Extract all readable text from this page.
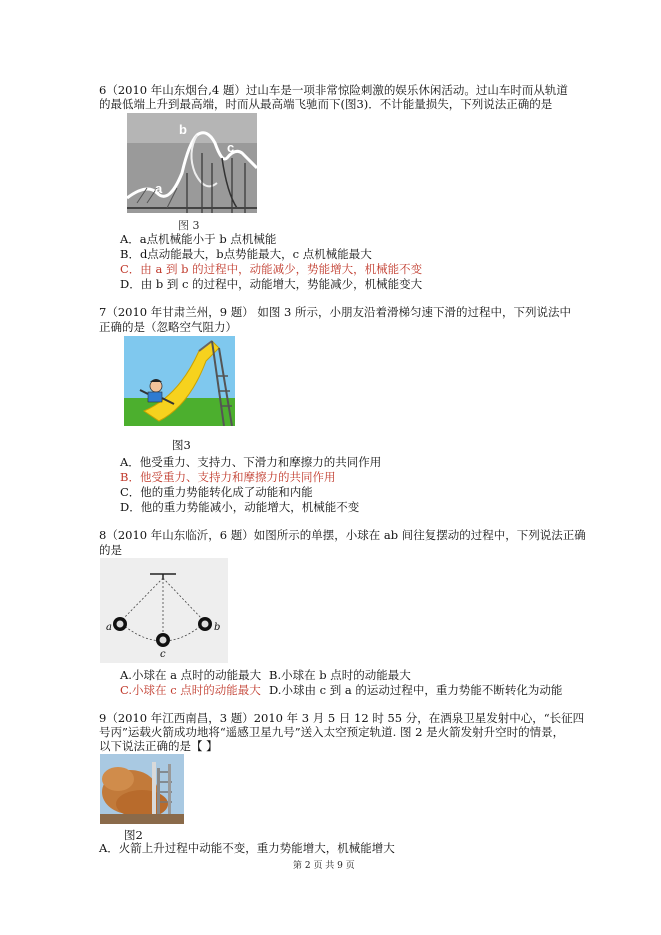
6（2010 年山东烟台,4 题）过山车是一项非常惊险刺激的娱乐休闲活动。过山车时而从轨道
的最低端上升到最高端，时而从最高端飞驰而下(图3)．不计能量损失，下列说法正确的是
b
c
a
图 3
A．a点机械能小于 b 点机械能
B．d点动能最大，b点势能最大，c 点机械能最大
C．由 a 到 b 的过程中，动能减少，势能增大，机械能不变
D．由 b 到 c 的过程中，动能增大，势能减少，机械能变大
7（2010 年甘肃兰州，9 题） 如图 3 所示，小朋友沿着滑梯匀速下滑的过程中，下列说法中
正确的是（忽略空气阻力）
图3
A．他受重力、支持力、下滑力和摩擦力的共同作用
B．他受重力、支持力和摩擦力的共同作用
C．他的重力势能转化成了动能和内能
D．他的重力势能减小，动能增大，机械能不变
8（2010 年山东临沂，6 题）如图所示的单摆，小球在 ab 间往复摆动的过程中，下列说法正确
的是
a
c
b
A.小球在 a 点时的动能最大 B.小球在 b 点时的动能最大
C.小球在 c 点时的动能最大 D.小球由 c 到 a 的运动过程中，重力势能不断转化为动能
9（2010 年江西南昌，3 题）2010 年 3 月 5 日 12 时 55 分，在酒泉卫星发射中心，“长征四
号丙”运载火箭成功地将“遥感卫星九号”送入太空预定轨道. 图 2 是火箭发射升空时的情景，
以下说法正确的是【 】
图2
A．火箭上升过程中动能不变，重力势能增大，机械能增大
第 2 页 共 9 页
